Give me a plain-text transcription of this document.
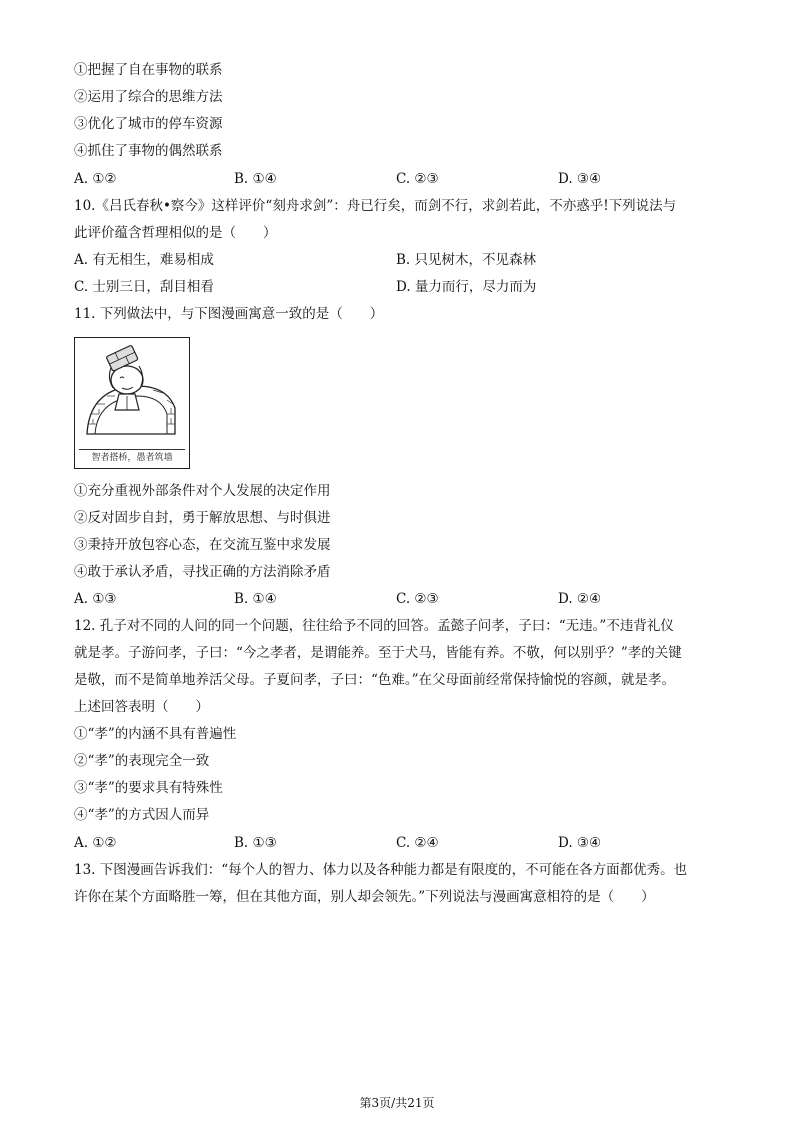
①把握了自在事物的联系
②运用了综合的思维方法
③优化了城市的停车资源
④抓住了事物的偶然联系
A. ①②	B. ①④	C. ②③	D. ③④
10.《吕氏春秋•察今》这样评价“刻舟求剑”：舟已行矣，而剑不行，求剑若此，不亦惑乎!下列说法与
此评价蕴含哲理相似的是（　　）
A. 有无相生，难易相成	B. 只见树木，不见森林
C. 士别三日，刮目相看	D. 量力而行，尽力而为
11. 下列做法中，与下图漫画寓意一致的是（　　）
智者搭桥，愚者筑墙
①充分重视外部条件对个人发展的决定作用
②反对固步自封，勇于解放思想、与时俱进
③秉持开放包容心态，在交流互鉴中求发展
④敢于承认矛盾，寻找正确的方法消除矛盾
A. ①③	B. ①④	C. ②③	D. ②④
12. 孔子对不同的人问的同一个问题，往往给予不同的回答。孟懿子问孝，子曰：“无违。”不违背礼仪
就是孝。子游问孝，子曰：“今之孝者，是谓能养。至于犬马，皆能有养。不敬，何以别乎？”孝的关键
是敬，而不是简单地养活父母。子夏问孝，子曰：“色难。”在父母面前经常保持愉悦的容颜，就是孝。
上述回答表明（　　）
①“孝”的内涵不具有普遍性
②“孝”的表现完全一致
③“孝”的要求具有特殊性
④“孝”的方式因人而异
A. ①②	B. ①③	C. ②④	D. ③④
13. 下图漫画告诉我们：“每个人的智力、体力以及各种能力都是有限度的，不可能在各方面都优秀。也
许你在某个方面略胜一筹，但在其他方面，别人却会领先。”下列说法与漫画寓意相符的是（　　）
第3页/共21页
